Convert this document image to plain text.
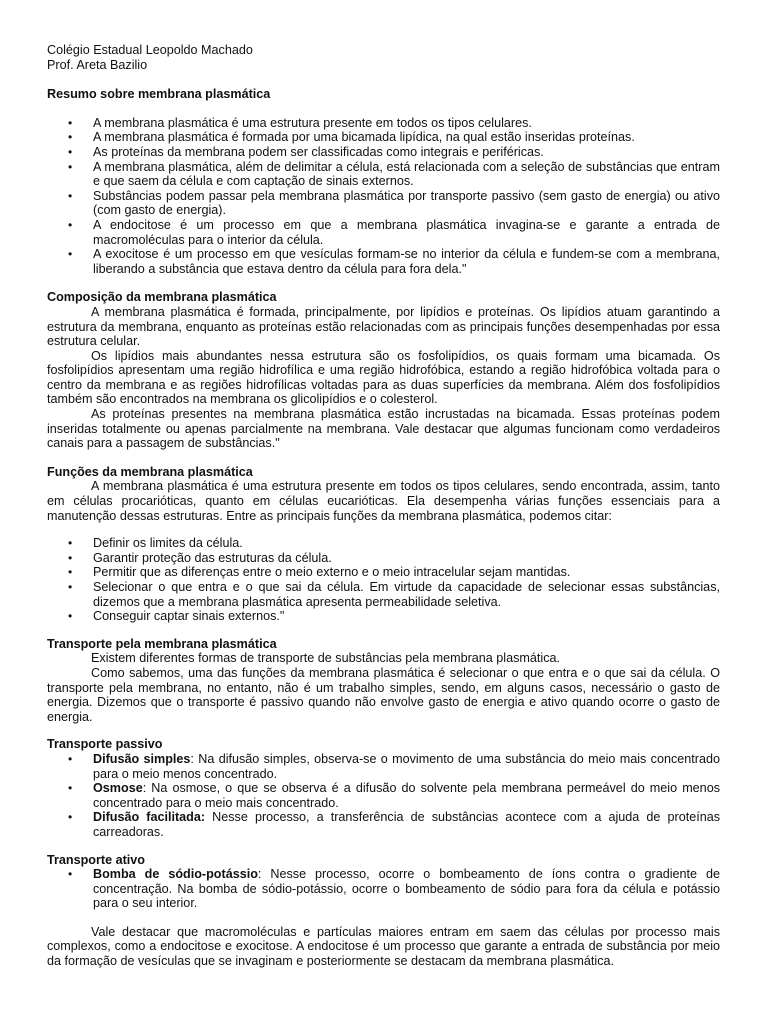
Colégio Estadual Leopoldo Machado
Prof. Areta Bazilio
Resumo sobre membrana plasmática
• A membrana plasmática é uma estrutura presente em todos os tipos celulares.
• A membrana plasmática é formada por uma bicamada lipídica, na qual estão inseridas proteínas.
• As proteínas da membrana podem ser classificadas como integrais e periféricas.
• A membrana plasmática, além de delimitar a célula, está relacionada com a seleção de substâncias que entram e que saem da célula e com captação de sinais externos.
• Substâncias podem passar pela membrana plasmática por transporte passivo (sem gasto de energia) ou ativo (com gasto de energia).
• A endocitose é um processo em que a membrana plasmática invagina-se e garante a entrada de macromoléculas para o interior da célula.
• A exocitose é um processo em que vesículas formam-se no interior da célula e fundem-se com a membrana, liberando a substância que estava dentro da célula para fora dela."
Composição da membrana plasmática

A membrana plasmática é formada, principalmente, por lipídios e proteínas. Os lipídios atuam garantindo a estrutura da membrana, enquanto as proteínas estão relacionadas com as principais funções desempenhadas por essa estrutura celular.

Os lipídios mais abundantes nessa estrutura são os fosfolipídios, os quais formam uma bicamada. Os fosfolipídios apresentam uma região hidrofílica e uma região hidrofóbica, estando a região hidrofóbica voltada para o centro da membrana e as regiões hidrofílicas voltadas para as duas superfícies da membrana. Além dos fosfolipídios também são encontrados na membrana os glicolipídios e o colesterol.

As proteínas presentes na membrana plasmática estão incrustadas na bicamada. Essas proteínas podem inseridas totalmente ou apenas parcialmente na membrana. Vale destacar que algumas funcionam como verdadeiros canais para a passagem de substâncias."

Funções da membrana plasmática

A membrana plasmática é uma estrutura presente em todos os tipos celulares, sendo encontrada, assim, tanto em células procarióticas, quanto em células eucarióticas. Ela desempenha várias funções essenciais para a manutenção dessas estruturas. Entre as principais funções da membrana plasmática, podemos citar:

• Definir os limites da célula.
• Garantir proteção das estruturas da célula.
• Permitir que as diferenças entre o meio externo e o meio intracelular sejam mantidas.
• Selecionar o que entra e o que sai da célula. Em virtude da capacidade de selecionar essas substâncias, dizemos que a membrana plasmática apresenta permeabilidade seletiva.
• Conseguir captar sinais externos."
Transporte pela membrana plasmática

Existem diferentes formas de transporte de substâncias pela membrana plasmática.

Como sabemos, uma das funções da membrana plasmática é selecionar o que entra e o que sai da célula. O transporte pela membrana, no entanto, não é um trabalho simples, sendo, em alguns casos, necessário o gasto de energia. Dizemos que o transporte é passivo quando não envolve gasto de energia e ativo quando ocorre o gasto de energia.

Transporte passivo
• Difusão simples: Na difusão simples, observa-se o movimento de uma substância do meio mais concentrado para o meio menos concentrado.
• Osmose: Na osmose, o que se observa é a difusão do solvente pela membrana permeável do meio menos concentrado para o meio mais concentrado.
• Difusão facilitada: Nesse processo, a transferência de substâncias acontece com a ajuda de proteínas carreadoras.
Transporte ativo
• Bomba de sódio-potássio: Nesse processo, ocorre o bombeamento de íons contra o gradiente de concentração. Na bomba de sódio-potássio, ocorre o bombeamento de sódio para fora da célula e potássio para o seu interior.

Vale destacar que macromoléculas e partículas maiores entram em saem das células por processo mais complexos, como a endocitose e exocitose. A endocitose é um processo que garante a entrada de substância por meio da formação de vesículas que se invaginam e posteriormente se destacam da membrana plasmática.
